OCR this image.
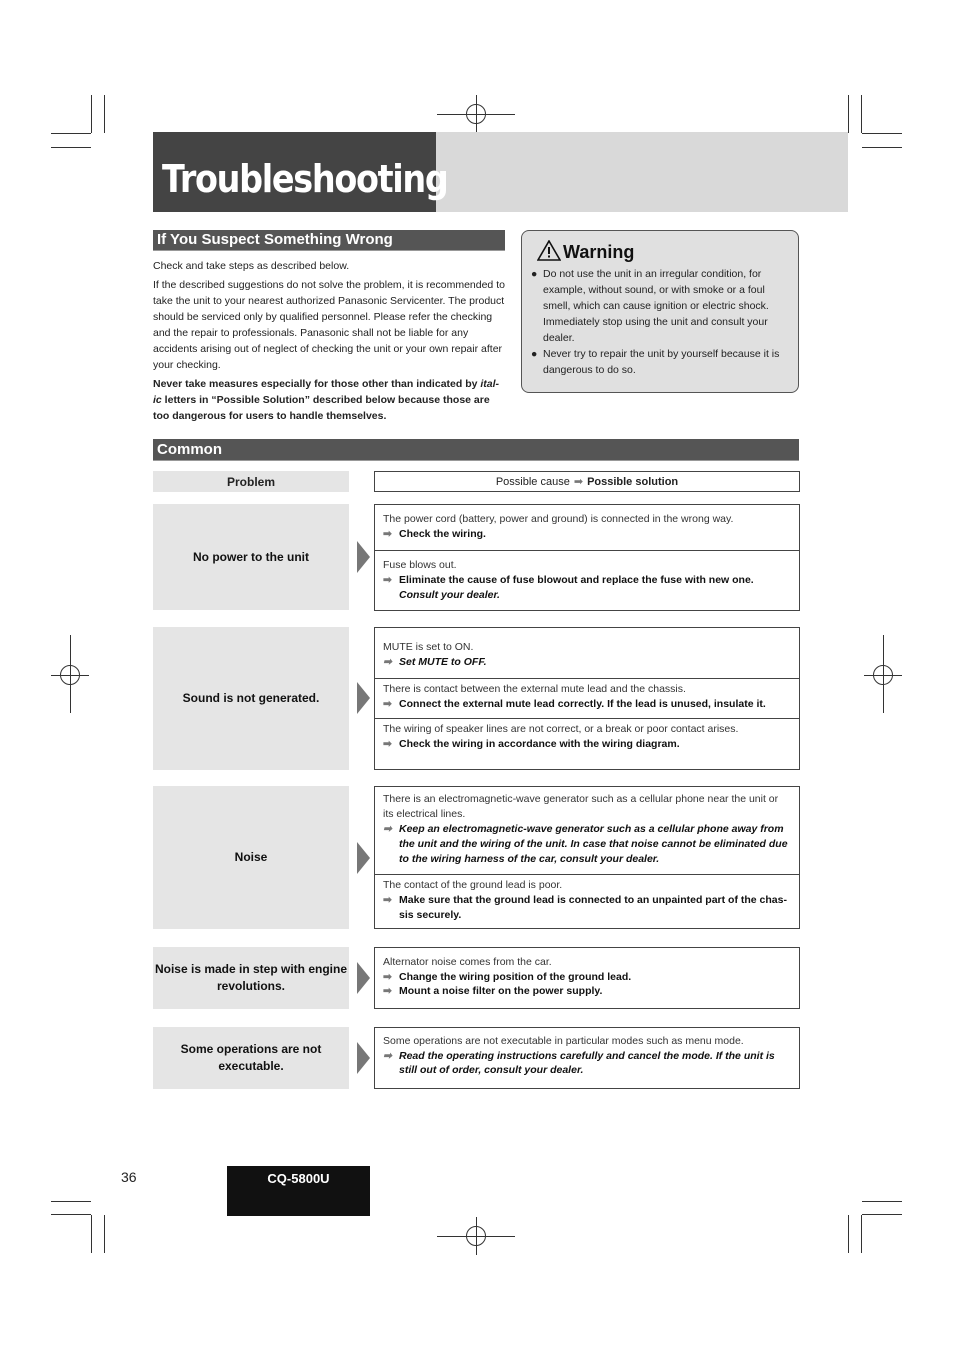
Troubleshooting
If You Suspect Something Wrong

Check and take steps as described below.

If the described suggestions do not solve the problem, it is recommended to take the unit to your nearest authorized Panasonic Servicenter. The product should be serviced only by qualified personnel. Please refer the checking and the repair to professionals. Panasonic shall not be liable for any accidents arising out of neglect of checking the unit or your own repair after your checking.

Never take measures especially for those other than indicated by ital-ic letters in “Possible Solution” described below because those are too dangerous for users to handle themselves.

Warning
● Do not use the unit in an irregular condition, for example, without sound, or with smoke or a foul smell, which can cause ignition or electric shock. Immediately stop using the unit and consult your dealer.
● Never try to repair the unit by yourself because it is dangerous to do so.
Common
Problem	Possible cause ➡ Possible solution
No power to the unit
The power cord (battery, power and ground) is connected in the wrong way.
➡ Check the wiring.
Fuse blows out.
➡ Eliminate the cause of fuse blowout and replace the fuse with new one.
Consult your dealer.
Sound is not generated.
MUTE is set to ON.
➡ Set MUTE to OFF.
There is contact between the external mute lead and the chassis.
➡ Connect the external mute lead correctly. If the lead is unused, insulate it.
The wiring of speaker lines are not correct, or a break or poor contact arises.
➡ Check the wiring in accordance with the wiring diagram.
Noise
There is an electromagnetic-wave generator such as a cellular phone near the unit or its electrical lines.
➡ Keep an electromagnetic-wave generator such as a cellular phone away from the unit and the wiring of the unit. In case that noise cannot be eliminated due to the wiring harness of the car, consult your dealer.
The contact of the ground lead is poor.
➡ Make sure that the ground lead is connected to an unpainted part of the chas-sis securely.
Noise is made in step with engine revolutions.
Alternator noise comes from the car.
➡ Change the wiring position of the ground lead.
➡ Mount a noise filter on the power supply.
Some operations are not executable.
Some operations are not executable in particular modes such as menu mode.
➡ Read the operating instructions carefully and cancel the mode. If the unit is still out of order, consult your dealer.
36	CQ-5800U
